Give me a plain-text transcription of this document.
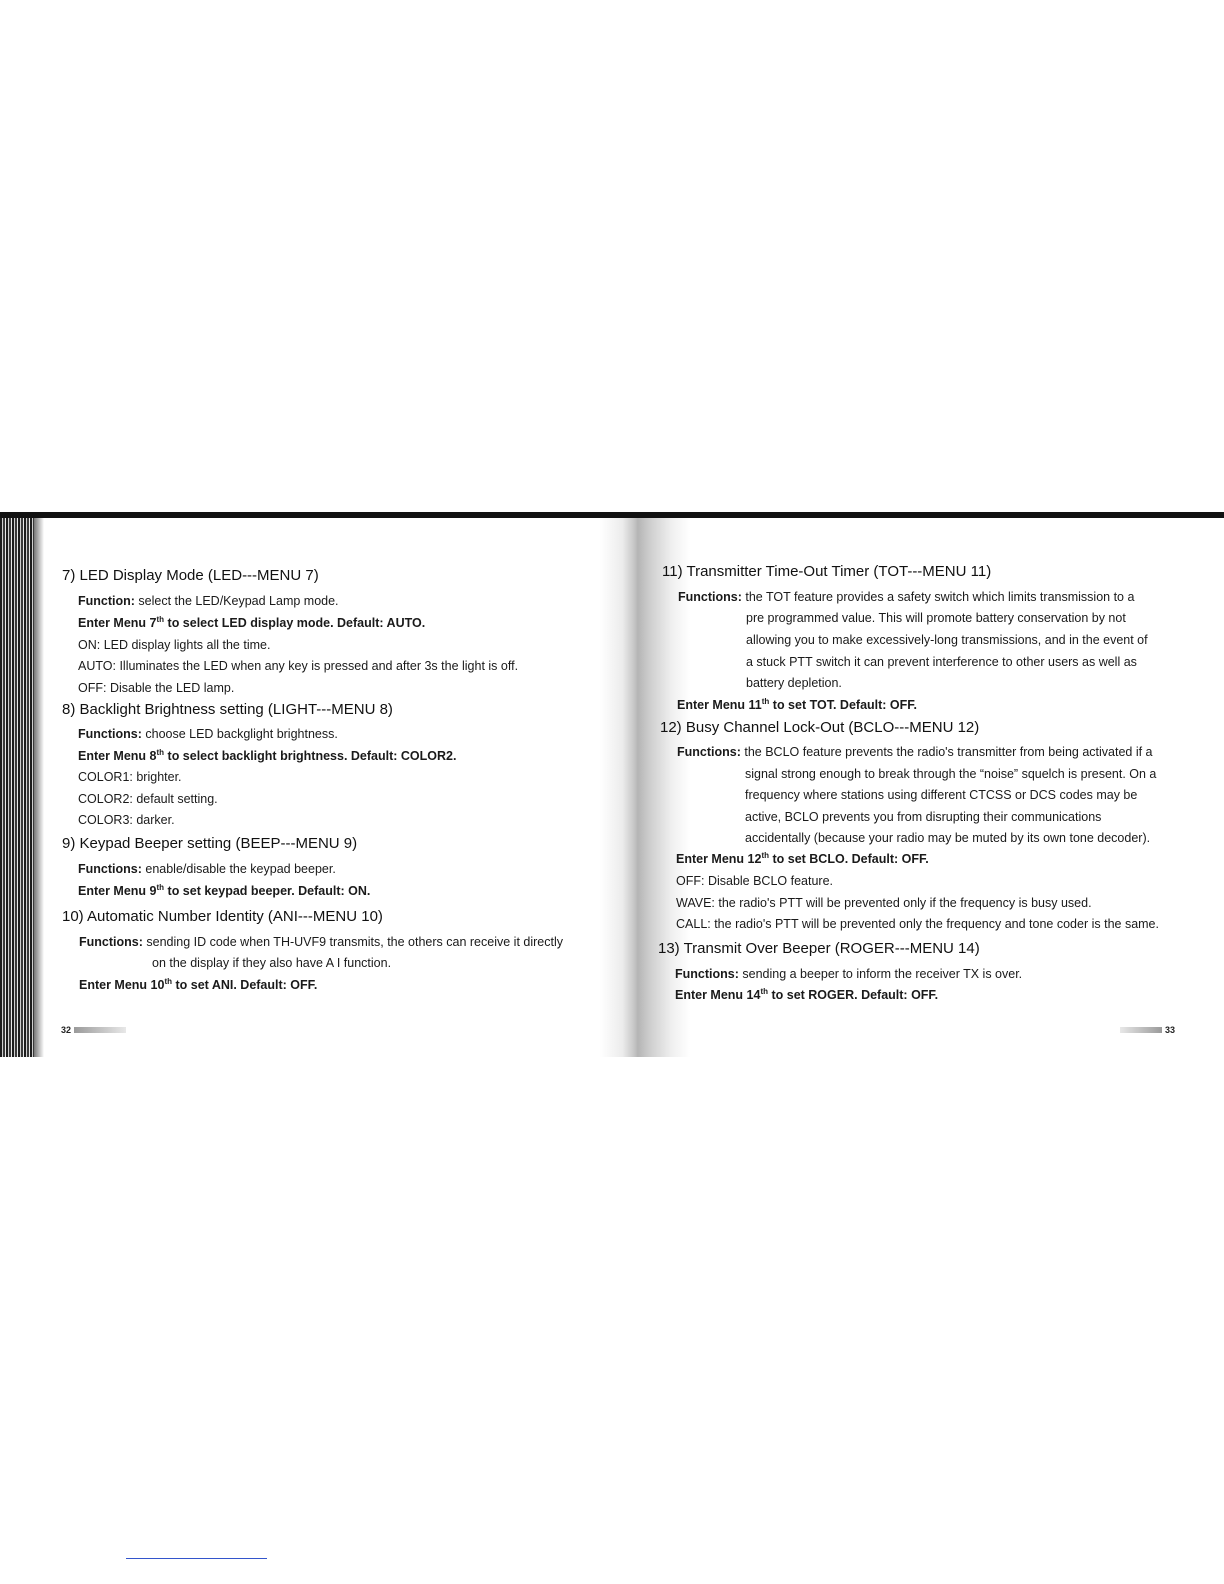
7) LED Display Mode (LED---MENU 7)

Function: select the LED/Keypad Lamp mode.

Enter Menu 7th to select LED display mode. Default: AUTO.

ON: LED display lights all the time.

AUTO: Illuminates the LED when any key is pressed and after 3s the light is off.

OFF: Disable the LED lamp.

8) Backlight Brightness setting (LIGHT---MENU 8)

Functions: choose LED backglight brightness.

Enter Menu 8th to select backlight brightness. Default: COLOR2.

COLOR1: brighter.

COLOR2: default setting.

COLOR3: darker.

9) Keypad Beeper setting (BEEP---MENU 9)

Functions: enable/disable the keypad beeper.

Enter Menu 9th to set keypad beeper. Default: ON.

10) Automatic Number Identity (ANI---MENU 10)

Functions: sending ID code when TH-UVF9 transmits, the others can receive it directly

on the display if they also have A I function.

Enter Menu 10th to set ANI. Default: OFF.

32

11) Transmitter Time-Out Timer (TOT---MENU 11)

Functions: the TOT feature provides a safety switch which limits transmission to a

pre programmed value. This will promote battery conservation by not

allowing you to make excessively-long transmissions, and in the event of

a stuck PTT switch it can prevent interference to other users as well as

battery depletion.

Enter Menu 11th to set TOT. Default: OFF.

12) Busy Channel Lock-Out (BCLO---MENU 12)

Functions: the BCLO feature prevents the radio's transmitter from being activated if a

signal strong enough to break through the “noise” squelch is present. On a

frequency where stations using different CTCSS or DCS codes may be

active, BCLO prevents you from disrupting their communications

accidentally (because your radio may be muted by its own tone decoder).

Enter Menu 12th to set BCLO. Default: OFF.

OFF: Disable BCLO feature.

WAVE: the radio's PTT will be prevented only if the frequency is busy used.

CALL: the radio's PTT will be prevented only the frequency and tone coder is the same.

13) Transmit Over Beeper (ROGER---MENU 14)

Functions: sending a beeper to inform the receiver TX is over.

Enter Menu 14th to set ROGER. Default: OFF.

33
